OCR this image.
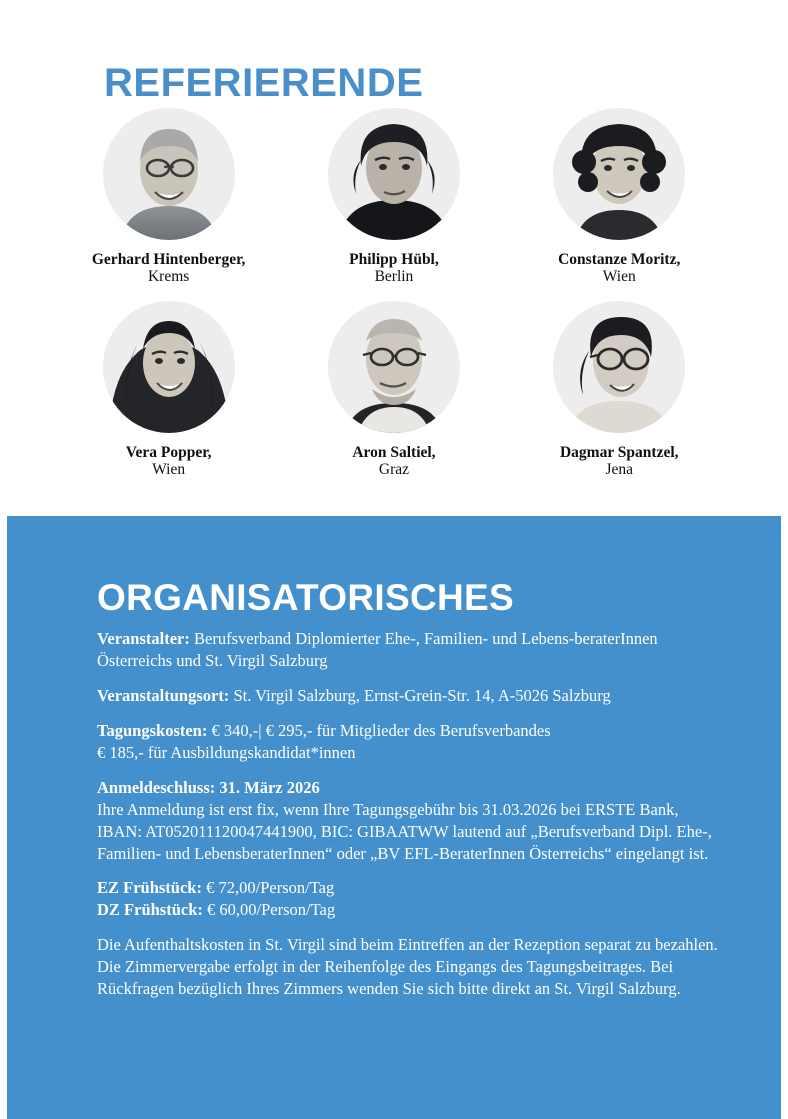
REFERIERENDE
Gerhard Hintenberger,
Krems
Philipp Hübl,
Berlin
Constanze Moritz,
Wien
Vera Popper,
Wien
Aron Saltiel,
Graz
Dagmar Spantzel,
Jena
ORGANISATORISCHES

Veranstalter: Berufsverband Diplomierter Ehe-, Familien- und Lebens-beraterInnen Österreichs und St. Virgil Salzburg

Veranstaltungsort: St. Virgil Salzburg, Ernst-Grein-Str. 14, A-5026 Salzburg

Tagungskosten: € 340,-| € 295,- für Mitglieder des Berufsverbandes

€ 185,- für Ausbildungskandidat*innen

Anmeldeschluss: 31. März 2026

Ihre Anmeldung ist erst fix, wenn Ihre Tagungsgebühr bis 31.03.2026 bei ERSTE Bank, IBAN: AT052011120047441900, BIC: GIBAATWW lautend auf „Berufsverband Dipl. Ehe-, Familien- und LebensberaterInnen“ oder „BV EFL-BeraterInnen Österreichs“ eingelangt ist.

EZ Frühstück: € 72,00/Person/Tag

DZ Frühstück: € 60,00/Person/Tag

Die Aufenthaltskosten in St. Virgil sind beim Eintreffen an der Rezeption separat zu bezahlen. Die Zimmervergabe erfolgt in der Reihenfolge des Eingangs des Tagungsbeitrages. Bei Rückfragen bezüglich Ihres Zimmers wenden Sie sich bitte direkt an St. Virgil Salzburg.
